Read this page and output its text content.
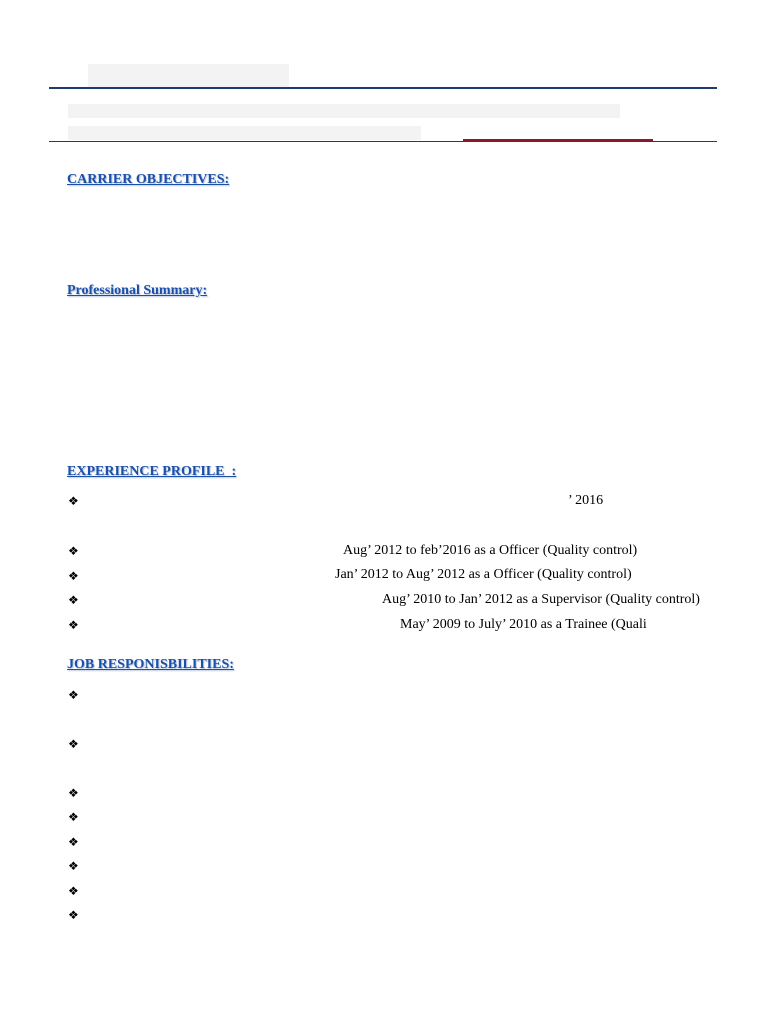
CARRIER OBJECTIVES:
Professional Summary:
EXPERIENCE PROFILE  :
❖	’ 2016
❖	Aug’ 2012 to feb’2016 as a Officer (Quality control)
❖	Jan’ 2012 to Aug’ 2012 as a Officer (Quality control)
❖	Aug’ 2010 to Jan’ 2012 as a Supervisor (Quality control)
❖	May’ 2009 to July’ 2010 as a Trainee (Quali
JOB RESPONISBILITIES:
❖
❖
❖
❖
❖
❖
❖
❖
